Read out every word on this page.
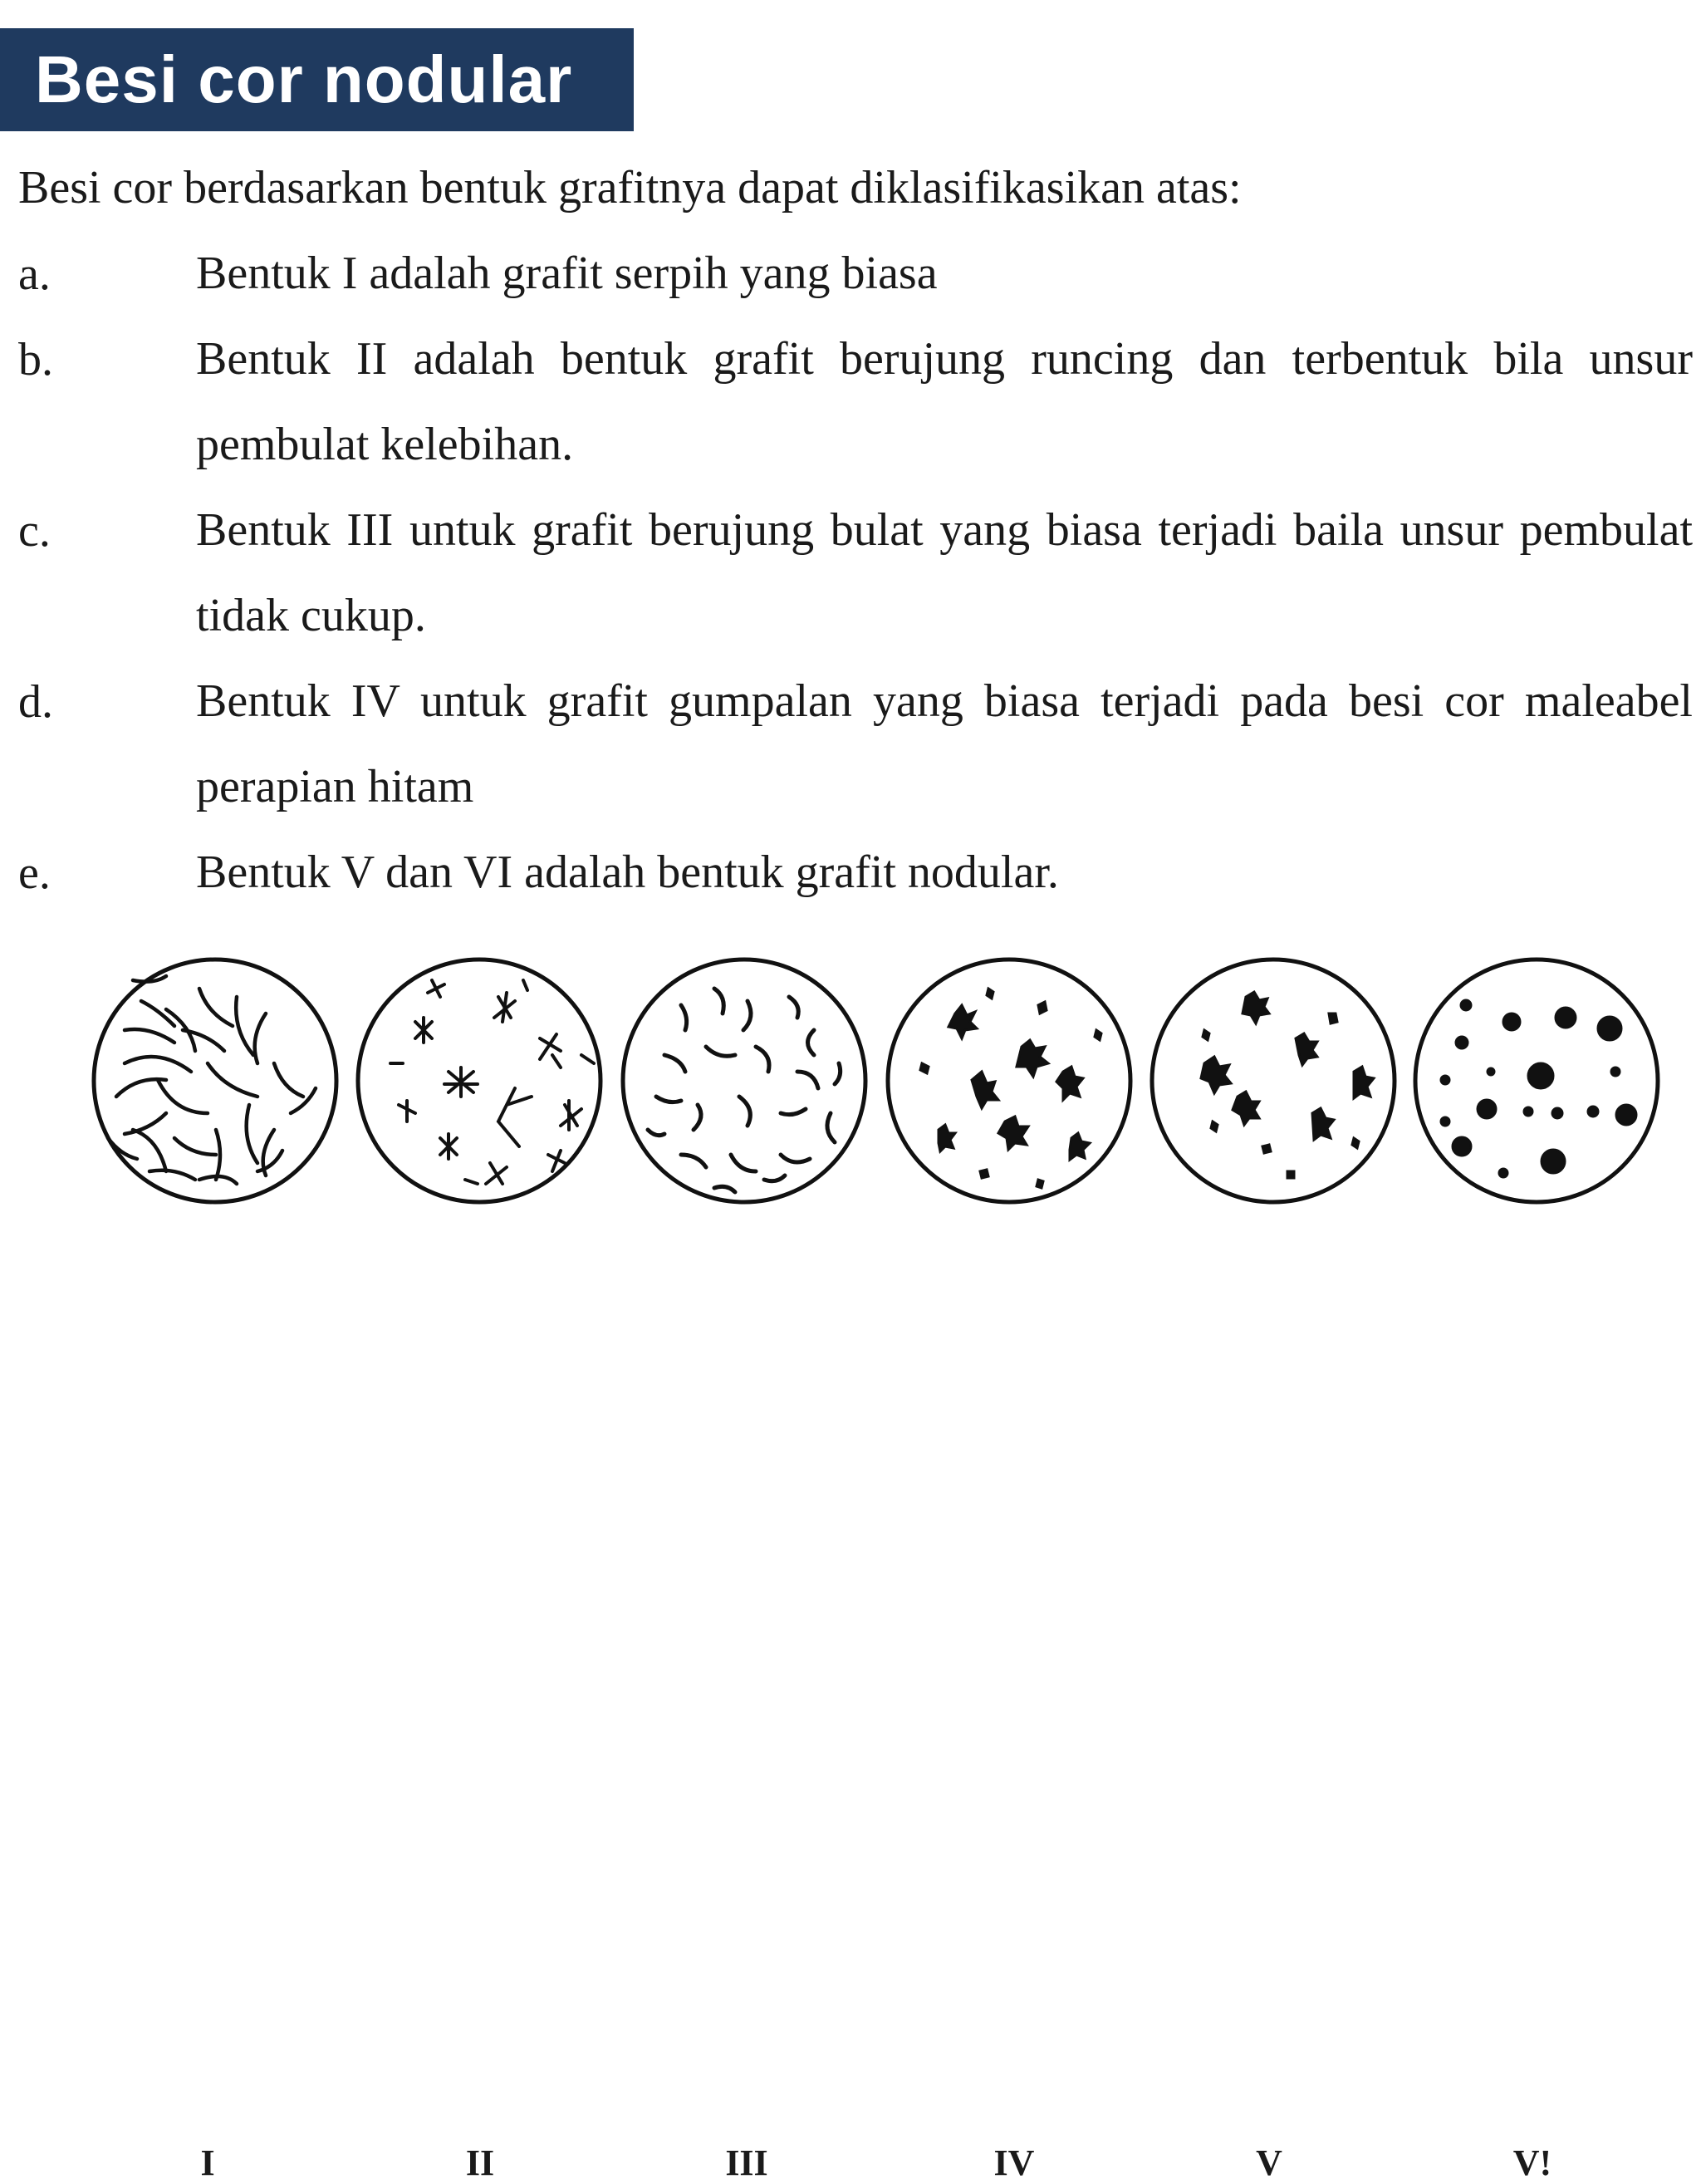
Besi cor nodular
Besi cor berdasarkan bentuk grafitnya dapat diklasifikasikan atas:
a.	Bentuk I adalah grafit serpih yang biasa
b.	Bentuk II adalah bentuk grafit berujung runcing dan terbentuk bila unsur pembulat kelebihan.
c.	Bentuk III untuk grafit berujung bulat yang biasa terjadi baila unsur pembulat tidak cukup.
d.	Bentuk IV untuk grafit gumpalan yang biasa terjadi pada besi cor maleabel perapian hitam
e.	Bentuk V dan VI adalah bentuk grafit nodular.
I	II	III	IV	V	V!
